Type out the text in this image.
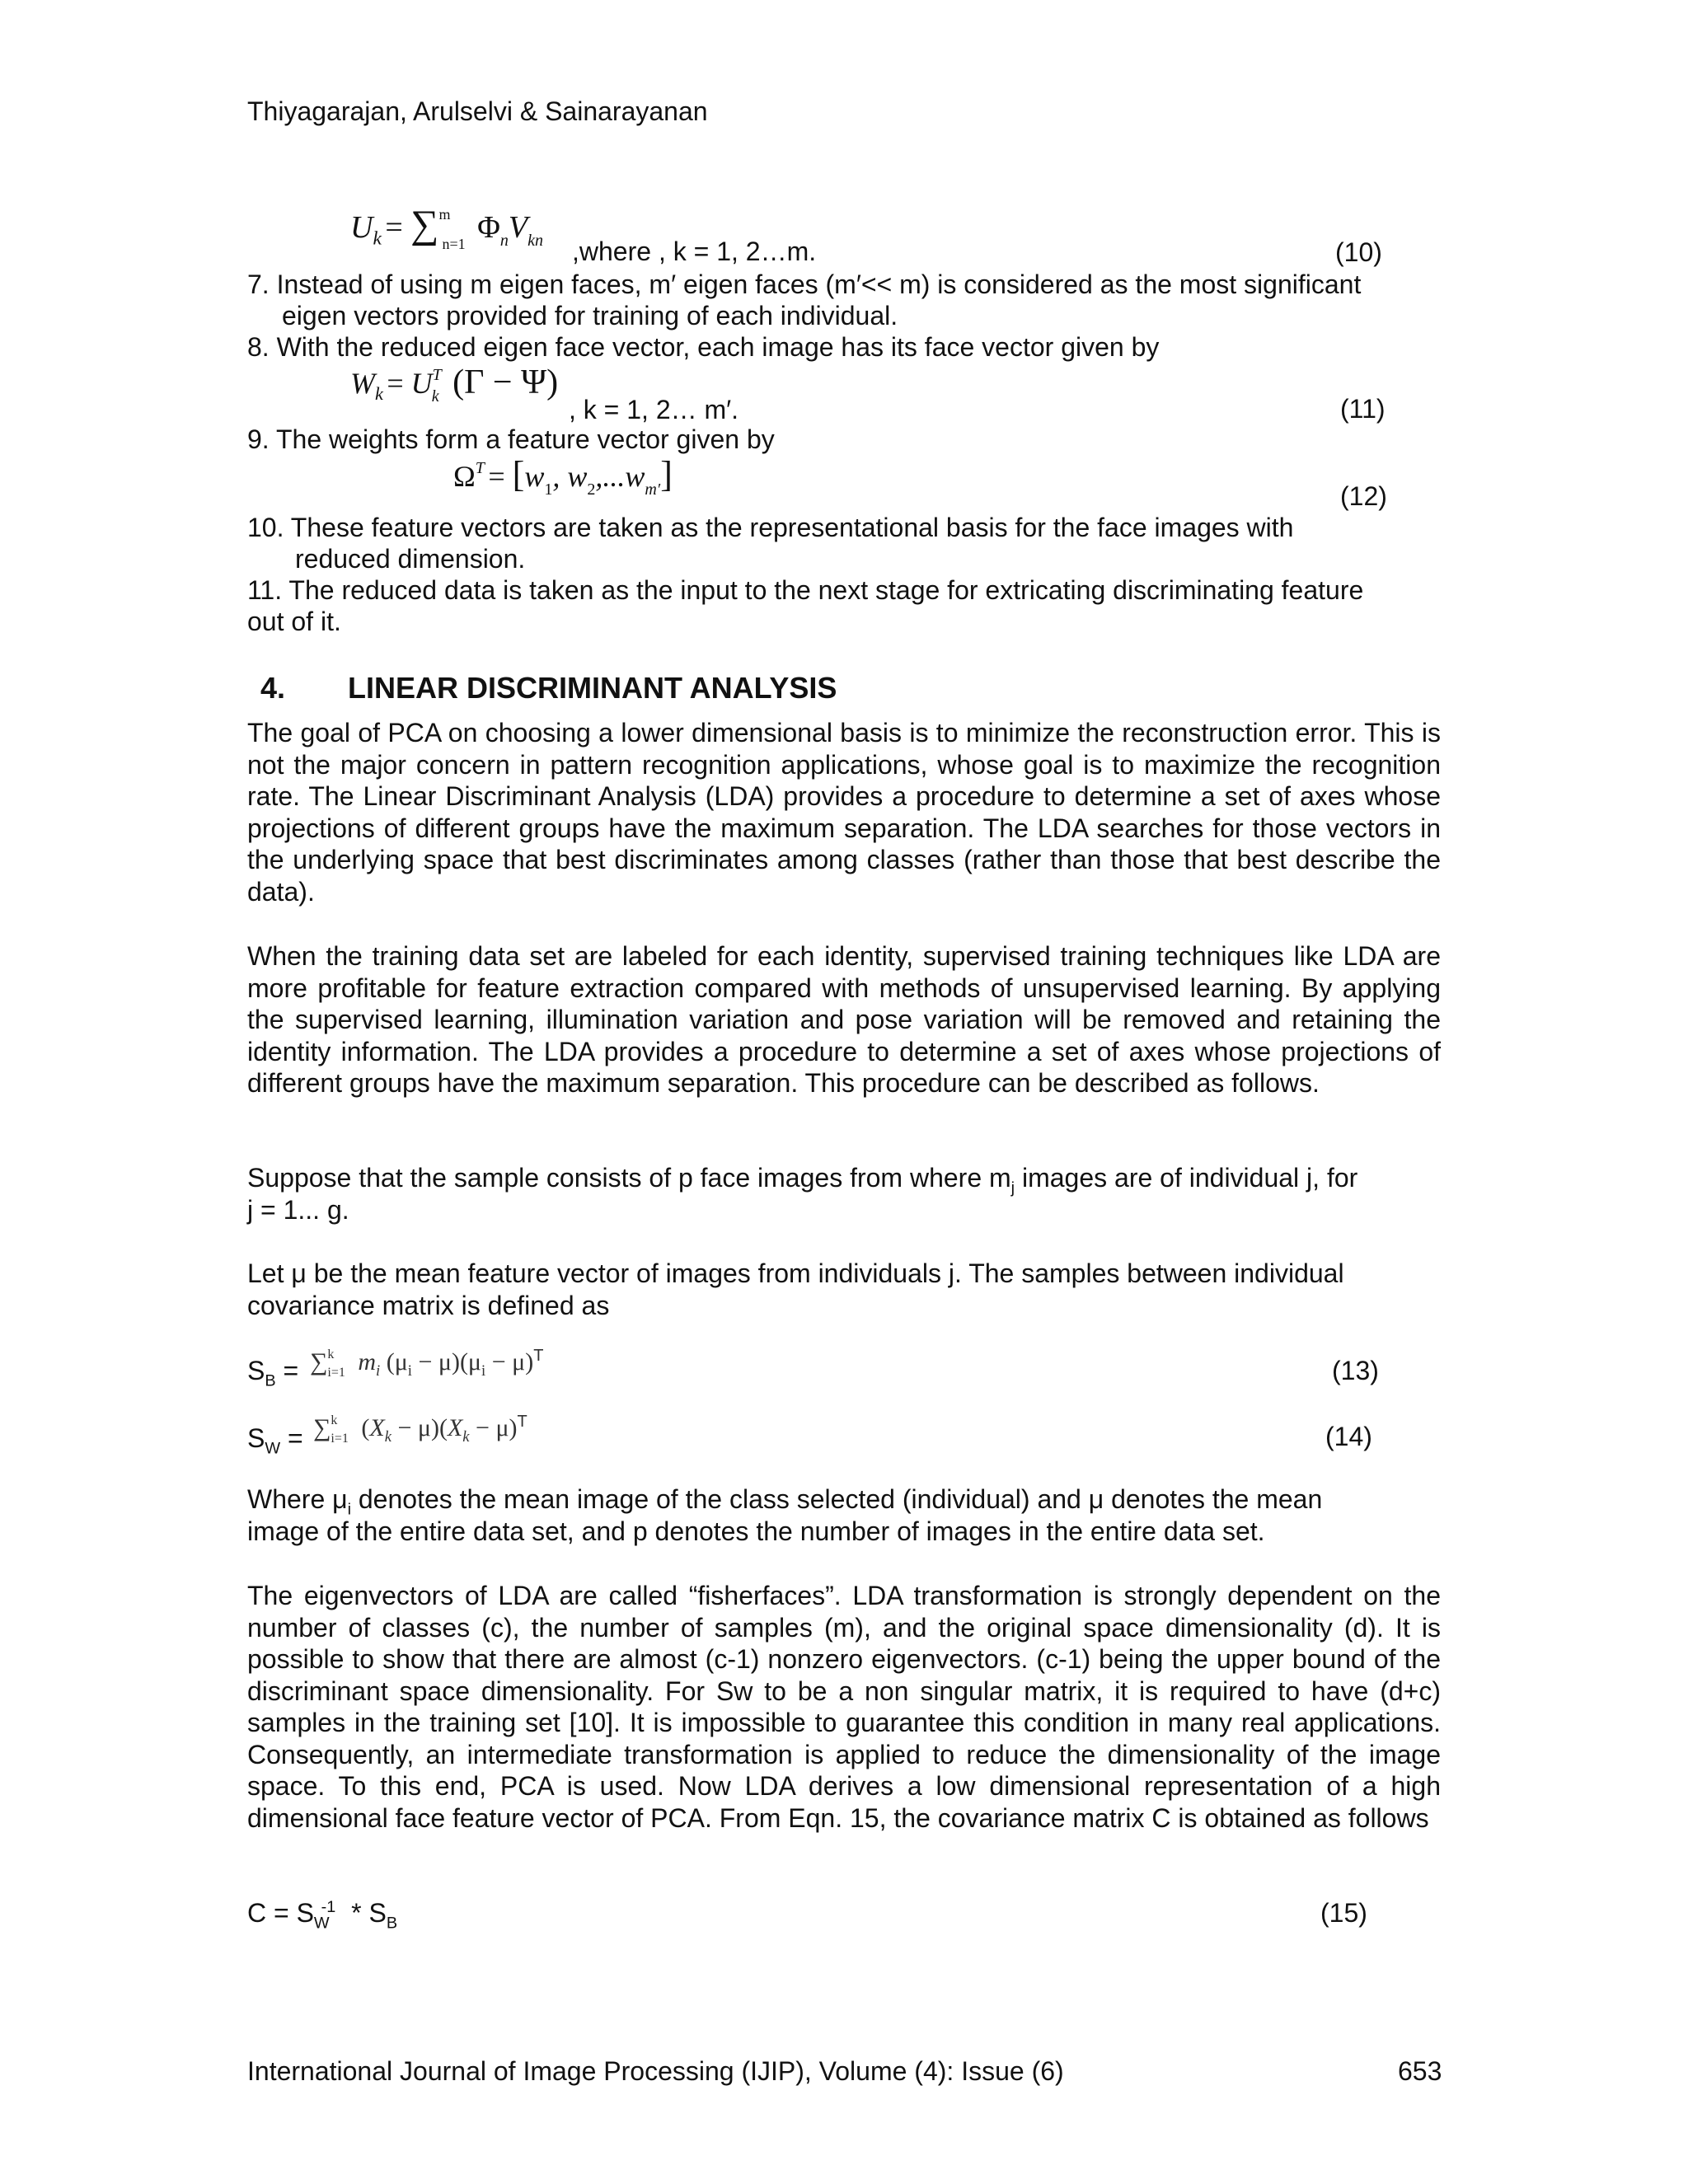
Thiyagarajan, Arulselvi & Sainarayanan
$U_k = \sum mn=1$ ΦnVkn ,where , k = 1, 2…m.	(10)
7. Instead of using m eigen faces, m′ eigen faces (m′<< m) is considered as the most significant
eigen vectors provided for training of each individual.
8. With the reduced eigen face vector, each image has its face vector given by
$W_k$ = UTk (Γ − Ψ)
, k = 1, 2… m′.	(11)
9. The weights form a feature vector given by
ΩT = [w1, w2,...wm′]
(12)
10. These feature vectors are taken as the representational basis for the face images with
reduced dimension.
11. The reduced data is taken as the input to the next stage for extricating discriminating feature
out of it.
4. LINEAR DISCRIMINANT ANALYSIS
The goal of PCA on choosing a lower dimensional basis is to minimize the reconstruction error. This is not the major concern in pattern recognition applications, whose goal is to maximize the recognition rate. The Linear Discriminant Analysis (LDA) provides a procedure to determine a set of axes whose projections of different groups have the maximum separation. The LDA searches for those vectors in the underlying space that best discriminates among classes (rather than those that best describe the data).
When the training data set are labeled for each identity, supervised training techniques like LDA are more profitable for feature extraction compared with methods of unsupervised learning. By applying the supervised learning, illumination variation and pose variation will be removed and retaining the identity information. The LDA provides a procedure to determine a set of axes whose projections of different groups have the maximum separation. This procedure can be described as follows.
Suppose that the sample consists of p face images from where $m_j$ images are of individual j, for
j = 1... g.
Let μ be the mean feature vector of images from individuals j. The samples between individual
covariance matrix is defined as
$S_B = \sum^k_{i=1}$ $m_i$ $(\mu_i - \mu)(\mu_i - \mu)^T$	(13)
$S_W = \sum^k_{i=1}$ $(X_k - \mu)(X_k - \mu)^T$	(14)
Where $\mu_i$ denotes the mean image of the class selected (individual) and μ denotes the mean
image of the entire data set, and p denotes the number of images in the entire data set.
The eigenvectors of LDA are called “fisherfaces”. LDA transformation is strongly dependent on the number of classes (c), the number of samples (m), and the original space dimensionality (d). It is possible to show that there are almost (c-1) nonzero eigenvectors. (c-1) being the upper bound of the discriminant space dimensionality. For Sw to be a non singular matrix, it is required to have (d+c) samples in the training set [10]. It is impossible to guarantee this condition in many real applications. Consequently, an intermediate transformation is applied to reduce the dimensionality of the image space. To this end, PCA is used. Now LDA derives a low dimensional representation of a high dimensional face feature vector of PCA. From Eqn. 15, the covariance matrix C is obtained as follows
$C = S_W^{-1} * S_B$	(15)
International Journal of Image Processing (IJIP), Volume (4): Issue (6)	653
